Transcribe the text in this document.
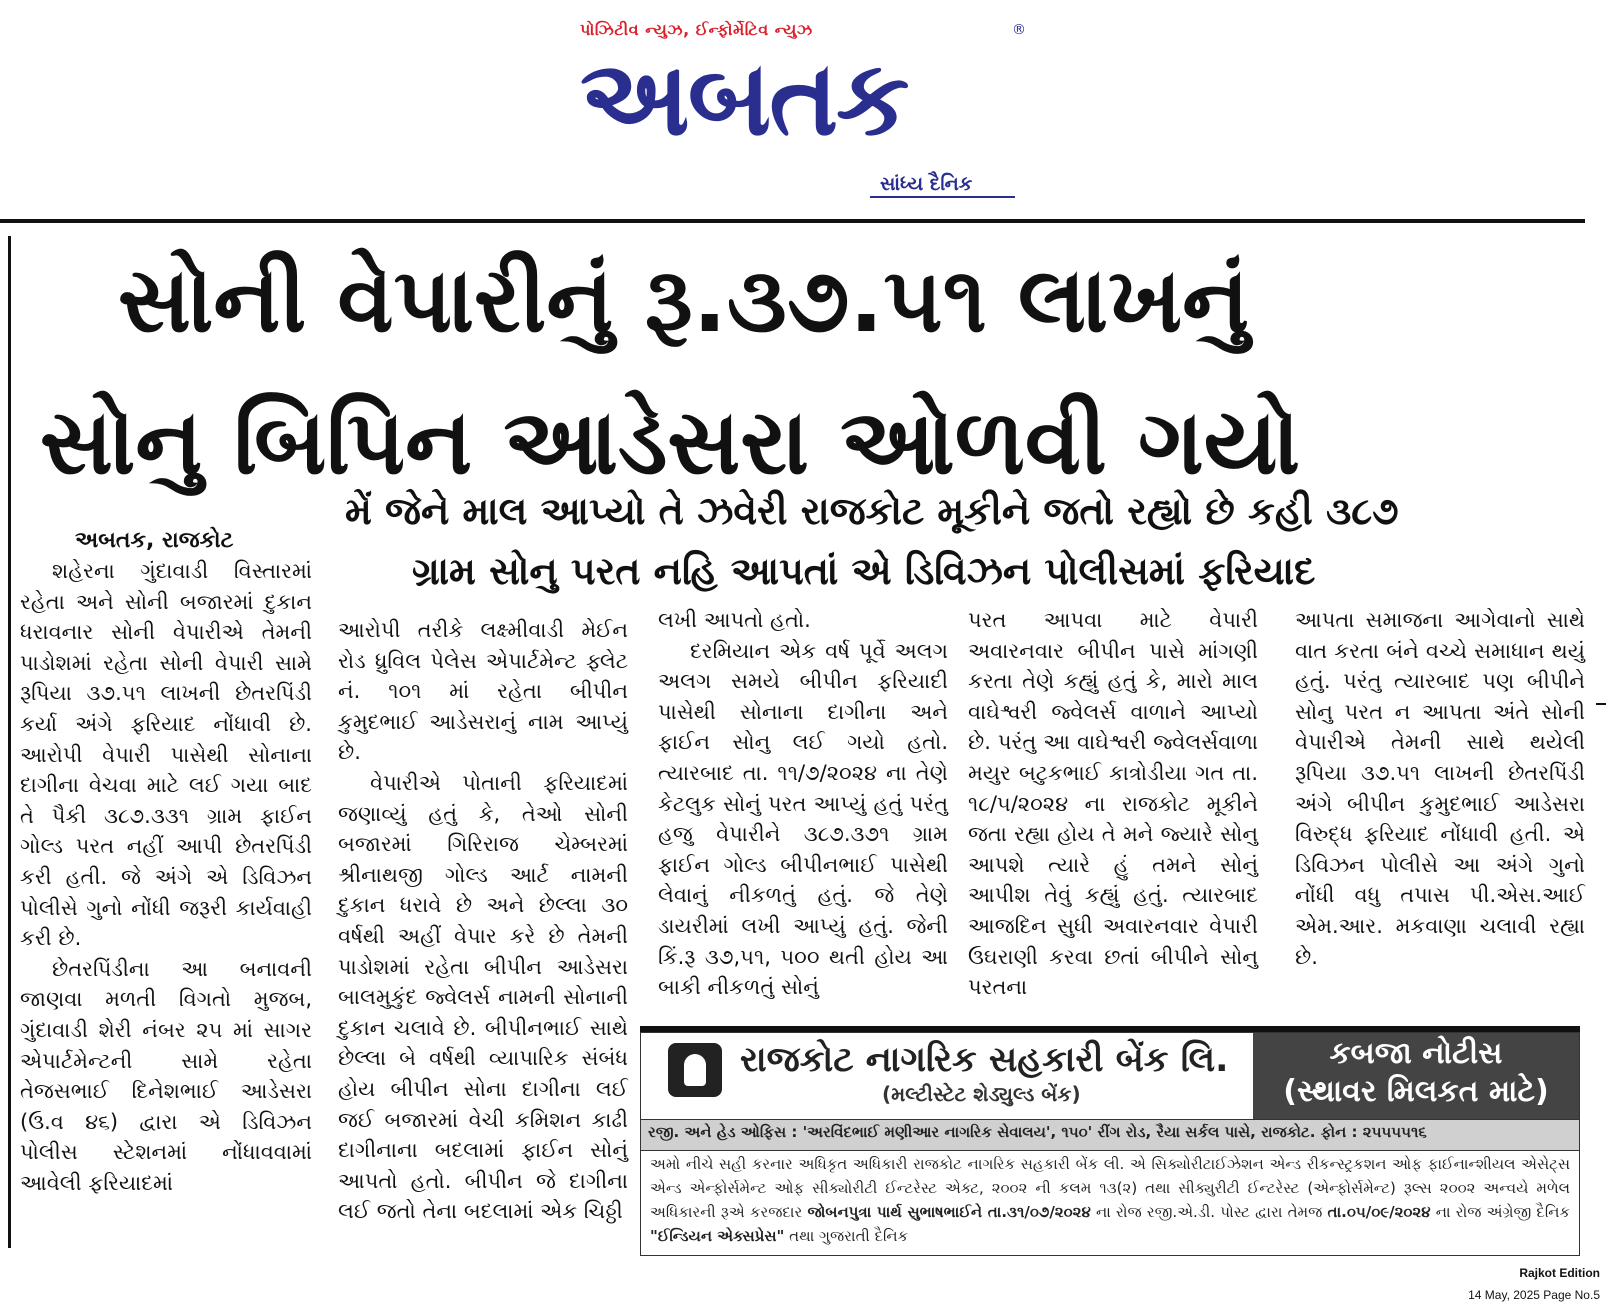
પોઝિટીવ ન્યુઝ, ઈન્ફોર્મેટિવ ન્યુઝ	®
અબતક
સાંધ્ય દૈનિક
સોની વેપારીનું રૂ.૩૭.૫૧ લાખનું
સોનુ બિપિન આડેસરા ઓળવી ગયો
મેં જેને માલ આપ્યો તે ઝવેરી રાજકોટ મૂકીને જતો રહ્યો છે કહી ૩૮૭
ગ્રામ સોનુ પરત નહિ આપતાં એ ડિવિઝન પોલીસમાં ફરિયાદ
અબતક, રાજકોટ

શહેરના ગુંદાવાડી વિસ્તારમાં રહેતા અને સોની બજારમાં દુકાન ધરાવનાર સોની વેપારીએ તેમની પાડોશમાં રહેતા સોની વેપારી સામે રૂપિયા ૩૭.૫૧ લાખની છેતરપિંડી કર્યા અંગે ફરિયાદ નોંધાવી છે. આરોપી વેપારી પાસેથી સોનાના દાગીના વેચવા માટે લઈ ગયા બાદ તે પૈકી ૩૮૭.૩૩૧ ગ્રામ ફાઈન ગોલ્ડ પરત નહીં આપી છેતરપિંડી કરી હતી. જે અંગે એ ડિવિઝન પોલીસે ગુનો નોંધી જરૂરી કાર્યવાહી કરી છે.

છેતરપિંડીના આ બનાવની જાણવા મળતી વિગતો મુજબ, ગુંદાવાડી શેરી નંબર ૨૫ માં સાગર એપાર્ટમેન્ટની સામે રહેતા તેજસભાઈ દિનેશભાઈ આડેસરા (ઉ.વ ૪૬) દ્વારા એ ડિવિઝન પોલીસ સ્ટેશનમાં નોંધાવવામાં આવેલી ફરિયાદમાં

આરોપી તરીકે લક્ષ્મીવાડી મેઈન રોડ ધ્રુવિલ પેલેસ એપાર્ટમેન્ટ ફ્લેટ નં. ૧૦૧ માં રહેતા બીપીન કુમુદભાઈ આડેસરાનું નામ આપ્યું છે.

વેપારીએ પોતાની ફરિયાદમાં જણાવ્યું હતું કે, તેઓ સોની બજારમાં ગિરિરાજ ચેમ્બરમાં શ્રીનાથજી ગોલ્ડ આર્ટ નામની દુકાન ધરાવે છે અને છેલ્લા ૩૦ વર્ષથી અહીં વેપાર કરે છે તેમની પાડોશમાં રહેતા બીપીન આડેસરા બાલમુકુંદ જ્વેલર્સ નામની સોનાની દુકાન ચલાવે છે. બીપીનભાઈ સાથે છેલ્લા બે વર્ષથી વ્યાપારિક સંબંધ હોય બીપીન સોના દાગીના લઈ જઈ બજારમાં વેચી કમિશન કાઢી દાગીનાના બદલામાં ફાઈન સોનું આપતો હતો. બીપીન જે દાગીના લઈ જતો તેના બદલામાં એક ચિઠ્ઠી

લખી આપતો હતો.

દરમિયાન એક વર્ષ પૂર્વે અલગ અલગ સમયે બીપીન ફરિયાદી પાસેથી સોનાના દાગીના અને ફાઈન સોનુ લઈ ગયો હતો. ત્યારબાદ તા. ૧૧/૭/૨૦૨૪ ના તેણે કેટલુક સોનું પરત આપ્યું હતું પરંતુ હજુ વેપારીને ૩૮૭.૩૭૧ ગ્રામ ફાઈન ગોલ્ડ બીપીનભાઈ પાસેથી લેવાનું નીકળતું હતું. જે તેણે ડાયરીમાં લખી આપ્યું હતું. જેની કિં.રૂ ૩૭,૫૧, ૫૦૦ થતી હોય આ બાકી નીકળતું સોનું

પરત આપવા માટે વેપારી અવારનવાર બીપીન પાસે માંગણી કરતા તેણે કહ્યું હતું કે, મારો માલ વાઘેશ્વરી જ્વેલર્સ વાળાને આપ્યો છે. પરંતુ આ વાઘેશ્વરી જ્વેલર્સવાળા મયુર બટુકભાઈ કાત્રોડીયા ગત તા. ૧૮/૫/૨૦૨૪ ના રાજકોટ મૂકીને જતા રહ્યા હોય તે મને જ્યારે સોનુ આપશે ત્યારે હું તમને સોનું આપીશ તેવું કહ્યું હતું. ત્યારબાદ આજદિન સુધી અવારનવાર વેપારી ઉઘરાણી કરવા છતાં બીપીને સોનુ પરતના

આપતા સમાજના આગેવાનો સાથે વાત કરતા બંને વચ્ચે સમાધાન થયું હતું. પરંતુ ત્યારબાદ પણ બીપીને સોનુ પરત ન આપતા અંતે સોની વેપારીએ તેમની સાથે થયેલી રૂપિયા ૩૭.૫૧ લાખની છેતરપિંડી અંગે બીપીન કુમુદભાઈ આડેસરા વિરુદ્ધ ફરિયાદ નોંધાવી હતી. એ ડિવિઝન પોલીસે આ અંગે ગુનો નોંધી વધુ તપાસ પી.એસ.આઈ એમ.આર. મકવાણા ચલાવી રહ્યા છે.

રાજકોટ નાગરિક સહકારી બેંક લિ.
(મલ્ટીસ્ટેટ શેડ્યુલ્ડ બેંક)
કબજા નોટીસ
(સ્થાવર મિલકત માટે)
રજી. અને હેડ ઓફિસ : 'અરવિંદભાઈ મણીઆર નાગરિક સેવાલય', ૧૫૦' રીંગ રોડ, રૈયા સર્કલ પાસે, રાજકોટ. ફોન : ૨૫૫૫૫૧૬
અમો નીચે સહી કરનાર અધિકૃત અધિકારી રાજકોટ નાગરિક સહકારી બેંક લી. એ સિક્યોરીટાઈઝેશન એન્ડ રીકન્સ્ટ્રકશન ઓફ ફાઈનાન્શીયલ એસેટ્સ એન્ડ એન્ફોર્સમેન્ટ ઓફ સીક્યોરીટી ઈન્ટરેસ્ટ એક્ટ, ૨૦૦૨ ની કલમ ૧૩(૨) તથા સીક્યુરીટી ઈન્ટરેસ્ટ (એન્ફોર્સમેન્ટ) રૂલ્સ ૨૦૦૨ અન્વયે મળેલ અધિકારની રૂએ કરજદાર જોબનપુત્રા પાર્થ સુભાષભાઈને તા.૩૧/૦૭/૨૦૨૪ ના રોજ રજી.એ.ડી. પોસ્ટ દ્વારા તેમજ તા.૦૫/૦૯/૨૦૨૪ ના રોજ અંગ્રેજી દૈનિક "ઈન્ડિયન એક્સપ્રેસ" તથા ગુજરાતી દૈનિક
Rajkot Edition
14 May, 2025 Page No.5
